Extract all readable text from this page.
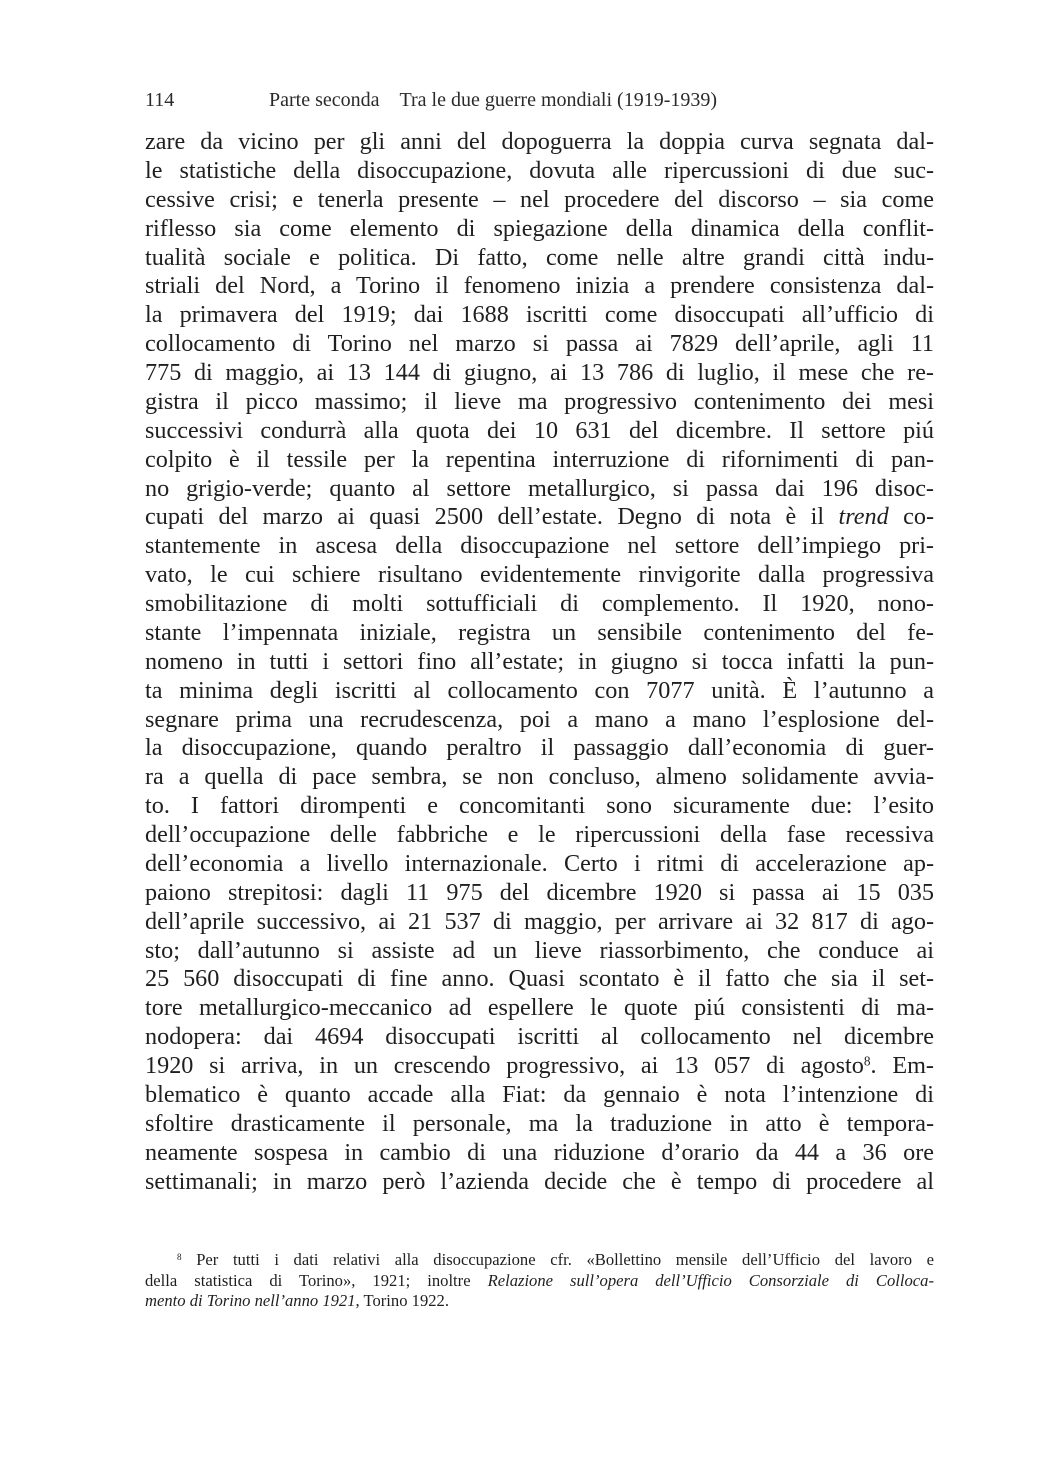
114	Parte seconda Tra le due guerre mondiali (1919-1939)
zare da vicino per gli anni del dopoguerra la doppia curva segnata dal-
le statistiche della disoccupazione, dovuta alle ripercussioni di due suc-
cessive crisi; e tenerla presente – nel procedere del discorso – sia come
riflesso sia come elemento di spiegazione della dinamica della conflit-
tualità sociale e politica. Di fatto, come nelle altre grandi città indu-
striali del Nord, a Torino il fenomeno inizia a prendere consistenza dal-
la primavera del 1919; dai 1688 iscritti come disoccupati all’ufficio di
collocamento di Torino nel marzo si passa ai 7829 dell’aprile, agli 11
775 di maggio, ai 13 144 di giugno, ai 13 786 di luglio, il mese che re-
gistra il picco massimo; il lieve ma progressivo contenimento dei mesi
successivi condurrà alla quota dei 10 631 del dicembre. Il settore piú
colpito è il tessile per la repentina interruzione di rifornimenti di pan-
no grigio-verde; quanto al settore metallurgico, si passa dai 196 disoc-
cupati del marzo ai quasi 2500 dell’estate. Degno di nota è il trend co-
stantemente in ascesa della disoccupazione nel settore dell’impiego pri-
vato, le cui schiere risultano evidentemente rinvigorite dalla progressiva
smobilitazione di molti sottufficiali di complemento. Il 1920, nono-
stante l’impennata iniziale, registra un sensibile contenimento del fe-
nomeno in tutti i settori fino all’estate; in giugno si tocca infatti la pun-
ta minima degli iscritti al collocamento con 7077 unità. È l’autunno a
segnare prima una recrudescenza, poi a mano a mano l’esplosione del-
la disoccupazione, quando peraltro il passaggio dall’economia di guer-
ra a quella di pace sembra, se non concluso, almeno solidamente avvia-
to. I fattori dirompenti e concomitanti sono sicuramente due: l’esito
dell’occupazione delle fabbriche e le ripercussioni della fase recessiva
dell’economia a livello internazionale. Certo i ritmi di accelerazione ap-
paiono strepitosi: dagli 11 975 del dicembre 1920 si passa ai 15 035
dell’aprile successivo, ai 21 537 di maggio, per arrivare ai 32 817 di ago-
sto; dall’autunno si assiste ad un lieve riassorbimento, che conduce ai
25 560 disoccupati di fine anno. Quasi scontato è il fatto che sia il set-
tore metallurgico-meccanico ad espellere le quote piú consistenti di ma-
nodopera: dai 4694 disoccupati iscritti al collocamento nel dicembre
1920 si arriva, in un crescendo progressivo, ai 13 057 di agosto$^8$. Em-
blematico è quanto accade alla Fiat: da gennaio è nota l’intenzione di
sfoltire drasticamente il personale, ma la traduzione in atto è tempora-
neamente sospesa in cambio di una riduzione d’orario da 44 a 36 ore
settimanali; in marzo però l’azienda decide che è tempo di procedere al
$^8$ Per tutti i dati relativi alla disoccupazione cfr. «Bollettino mensile dell’Ufficio del lavoro e
della statistica di Torino», 1921; inoltre Relazione sull’opera dell’Ufficio Consorziale di Colloca-
mento di Torino nell’anno 1921, Torino 1922.
